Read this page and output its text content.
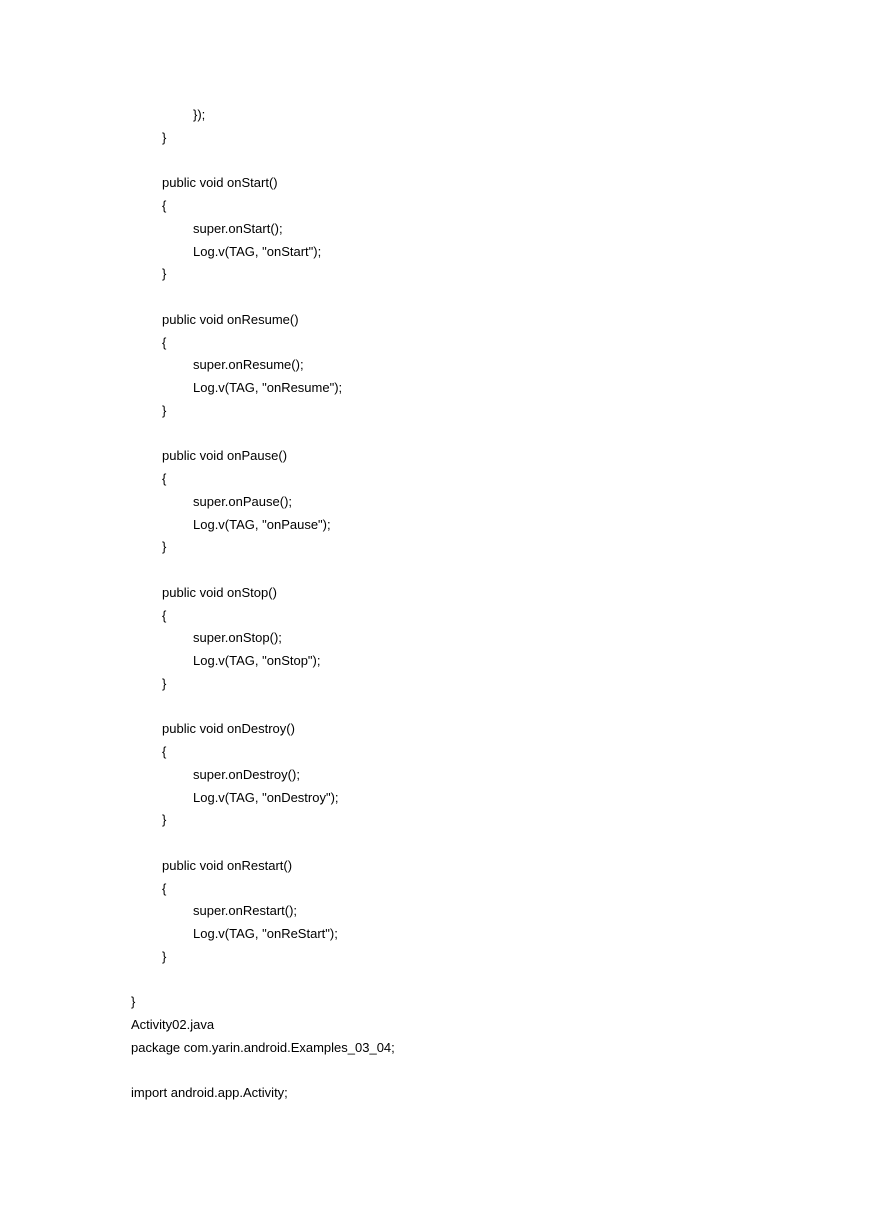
});
}
public void onStart()
{
super.onStart();
Log.v(TAG, "onStart");
}
public void onResume()
{
super.onResume();
Log.v(TAG, "onResume");
}
public void onPause()
{
super.onPause();
Log.v(TAG, "onPause");
}
public void onStop()
{
super.onStop();
Log.v(TAG, "onStop");
}
public void onDestroy()
{
super.onDestroy();
Log.v(TAG, "onDestroy");
}
public void onRestart()
{
super.onRestart();
Log.v(TAG, "onReStart");
}
}
Activity02.java
package com.yarin.android.Examples_03_04;
import android.app.Activity;
